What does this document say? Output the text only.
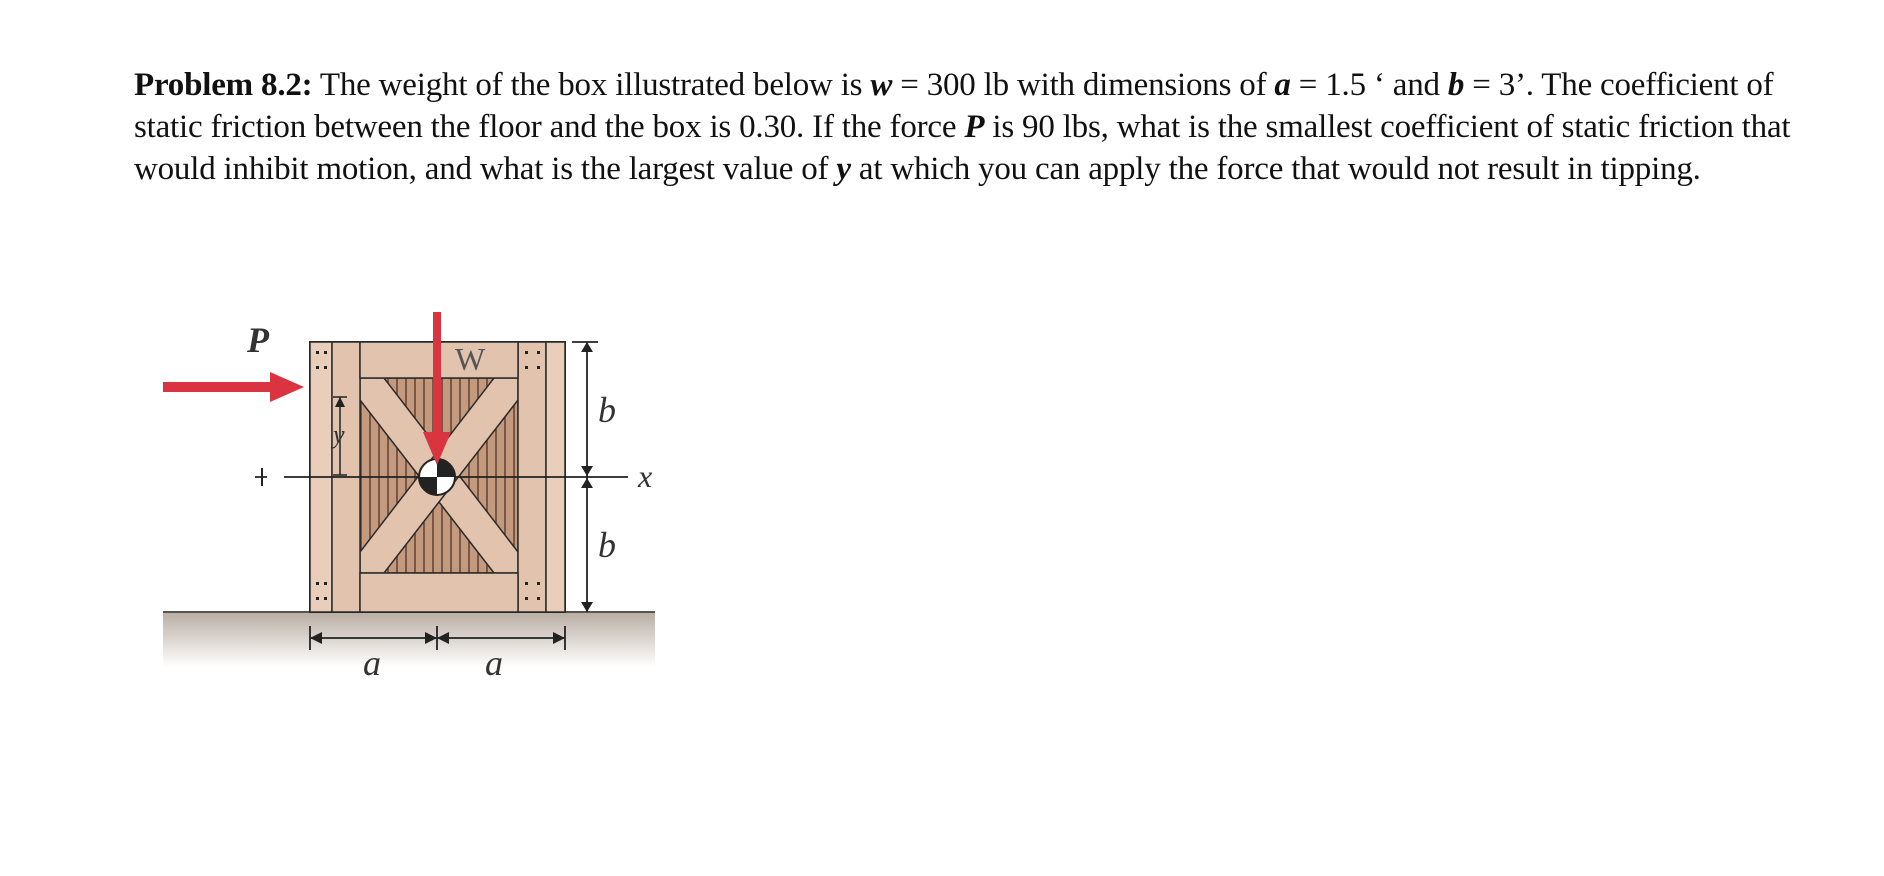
Problem 8.2: The weight of the box illustrated below is w = 300 lb with dimensions of a = 1.5 ‘ and b = 3’. The coefficient of static friction between the floor and the box is 0.30. If the force P is 90 lbs, what is the smallest coefficient of static friction that would inhibit motion, and what is the largest value of y at which you can apply the force that would not result in tipping.
P	W
b
b
x
y
a	a
